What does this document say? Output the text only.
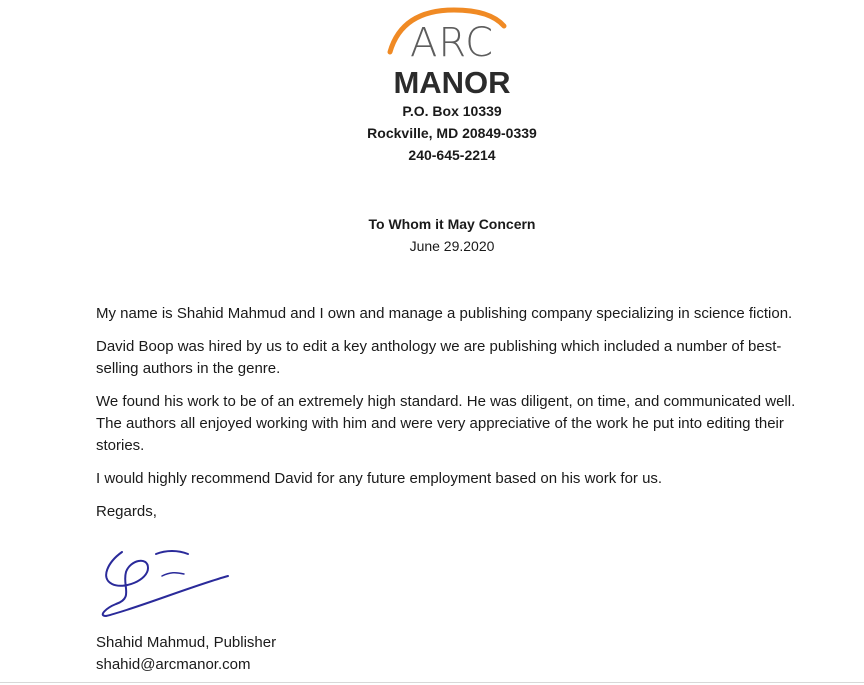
ARC
MANOR
P.O. Box 10339
Rockville, MD 20849-0339
240-645-2214
To Whom it May Concern
June 29.2020

My name is Shahid Mahmud and I own and manage a publishing company specializing in science fiction.

David Boop was hired by us to edit a key anthology we are publishing which included a number of best-selling authors in the genre.

We found his work to be of an extremely high standard. He was diligent, on time, and communicated well. The authors all enjoyed working with him and were very appreciative of the work he put into editing their stories.

I would highly recommend David for any future employment based on his work for us.

Regards,

Shahid Mahmud, Publisher
shahid@arcmanor.com
